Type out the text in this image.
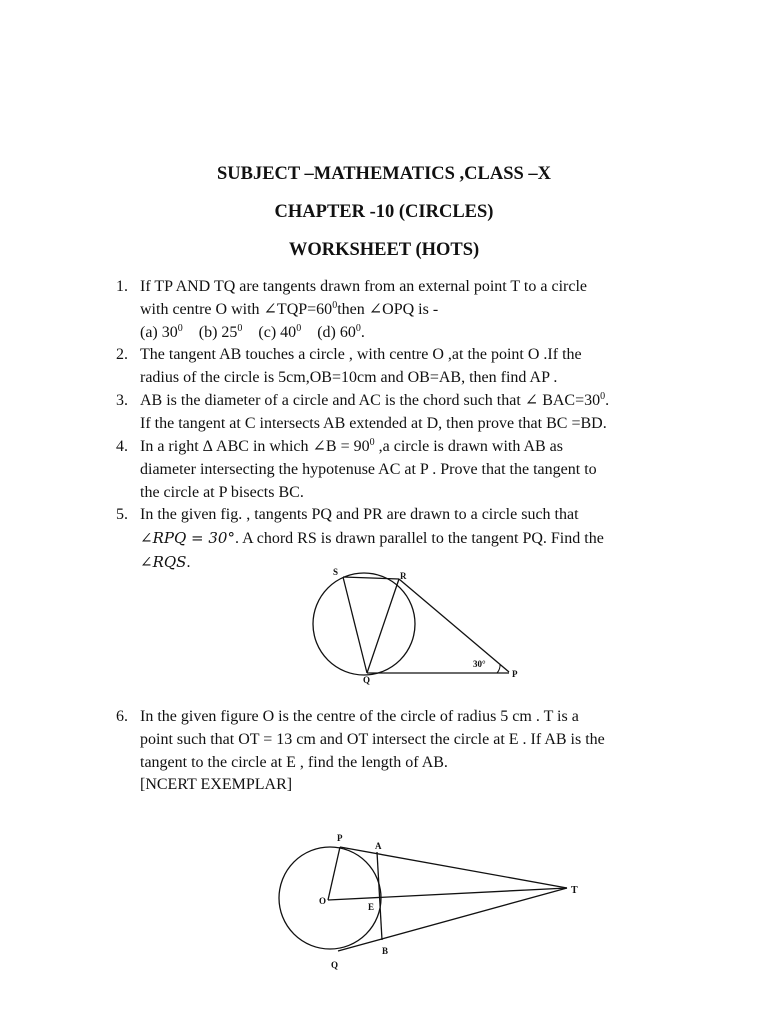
SUBJECT –MATHEMATICS ,CLASS –X
CHAPTER -10 (CIRCLES)
WORKSHEET (HOTS)
1. If TP AND TQ are tangents drawn from an external point T to a circle
with centre O with $\angle TQP=60^0then$ ∠OPQ is -
(a) $30^0$ (b) $25^0$ (c) $40^0$ (d) $60^0$.
2. The tangent AB touches a circle , with centre O ,at the point O .If the
radius of the circle is 5cm,OB=10cm and OB=AB, then find AP .
3. AB is the diameter of a circle and AC is the chord such that ∠ $BAC=30^0$.
If the tangent at C intersects AB extended at D, then prove that BC =BD.
4. In a right Δ ABC in which ∠B = $90^0$ ,a circle is drawn with AB as
diameter intersecting the hypotenuse AC at P . Prove that the tangent to
the circle at P bisects BC.
5. In the given fig. , tangents PQ and PR are drawn to a circle such that
∠RPQ = 30°. A chord RS is drawn parallel to the tangent PQ. Find the
∠RQS.
S	R
Q
P
30°
6. In the given figure O is the centre of the circle of radius 5 cm . T is a
point such that OT = 13 cm and OT intersect the circle at E . If AB is the
tangent to the circle at E , find the length of AB.
[NCERT EXEMPLAR]
P
A
O
E
T
B
Q
